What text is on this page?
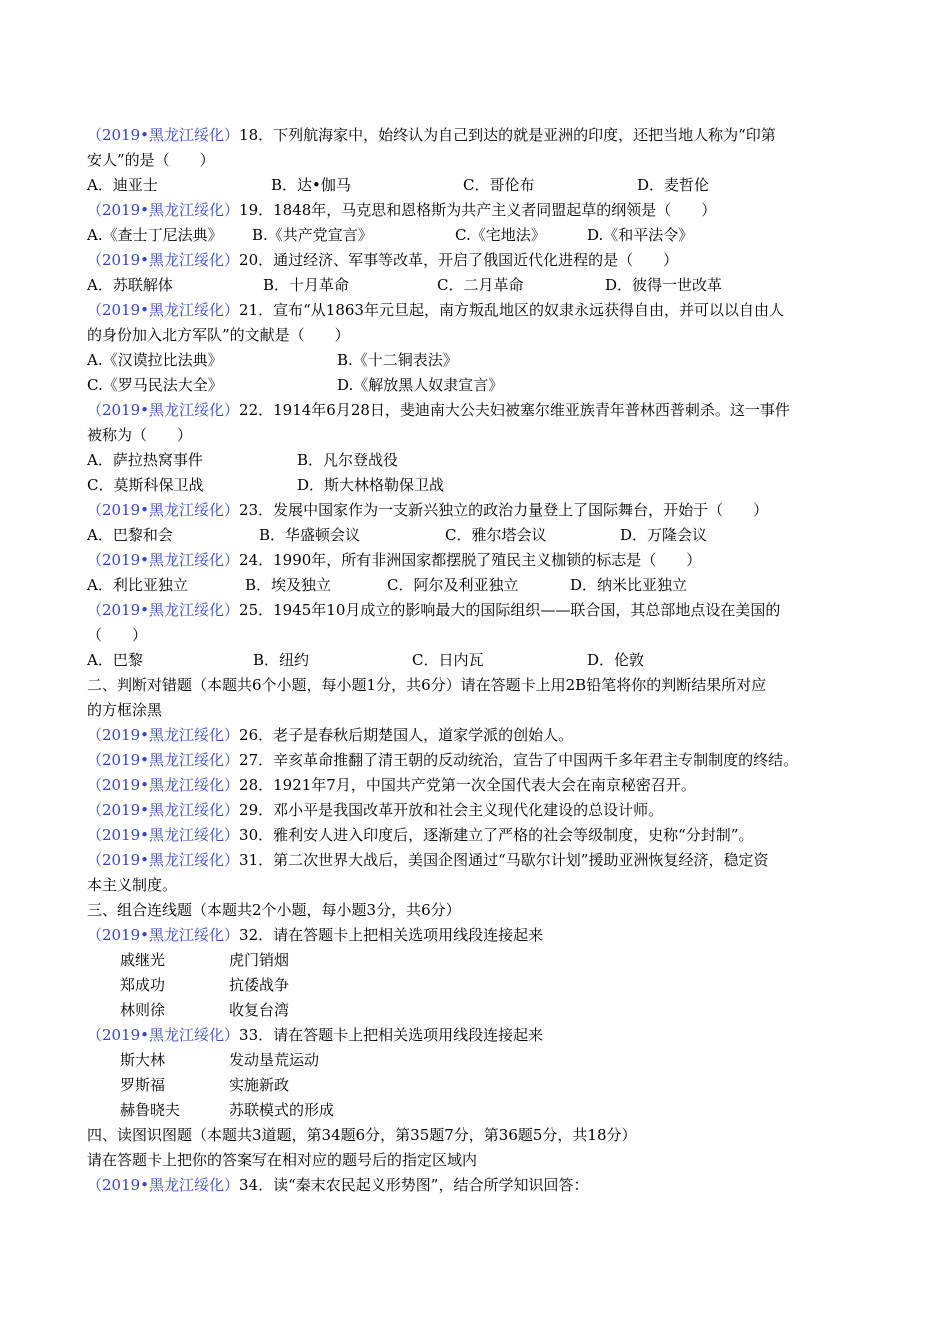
（2019•黑龙江绥化）18．下列航海家中，始终认为自己到达的就是亚洲的印度，还把当地人称为“印第
安人”的是（　　）
A．迪亚士	B．达•伽马	C．哥伦布	D．麦哲伦
（2019•黑龙江绥化）19．1848年，马克思和恩格斯为共产主义者同盟起草的纲领是（　　）
A.《查士丁尼法典》 B.《共产党宣言》	C.《宅地法》	D.《和平法令》
（2019•黑龙江绥化）20．通过经济、军事等改革，开启了俄国近代化进程的是（　　）
A．苏联解体	B．十月革命	C．二月革命	D．彼得一世改革
（2019•黑龙江绥化）21．宣布“从1863年元旦起，南方叛乱地区的奴隶永远获得自由，并可以以自由人
的身份加入北方军队”的文献是（　　）
A.《汉谟拉比法典》	B.《十二铜表法》
C.《罗马民法大全》	D.《解放黑人奴隶宣言》
（2019•黑龙江绥化）22．1914年6月28日，斐迪南大公夫妇被塞尔维亚族青年普林西普刺杀。这一事件
被称为（　　）
A．萨拉热窝事件	B．凡尔登战役
C．莫斯科保卫战	D．斯大林格勒保卫战
（2019•黑龙江绥化）23．发展中国家作为一支新兴独立的政治力量登上了国际舞台，开始于（　　）
A．巴黎和会	B．华盛顿会议	C．雅尔塔会议	D．万隆会议
（2019•黑龙江绥化）24．1990年，所有非洲国家都摆脱了殖民主义枷锁的标志是（　　）
A．利比亚独立	B．埃及独立	C．阿尔及利亚独立	D．纳米比亚独立
（2019•黑龙江绥化）25．1945年10月成立的影响最大的国际组织——联合国，其总部地点设在美国的
（　　）
A．巴黎	B．纽约	C．日内瓦	D．伦敦
二、判断对错题（本题共6个小题，每小题1分，共6分）请在答题卡上用2B铅笔将你的判断结果所对应
的方框涂黑
（2019•黑龙江绥化）26．老子是春秋后期楚国人，道家学派的创始人。
（2019•黑龙江绥化）27．辛亥革命推翻了清王朝的反动统治，宣告了中国两千多年君主专制制度的终结。
（2019•黑龙江绥化）28．1921年7月，中国共产党第一次全国代表大会在南京秘密召开。
（2019•黑龙江绥化）29．邓小平是我国改革开放和社会主义现代化建设的总设计师。
（2019•黑龙江绥化）30．雅利安人进入印度后，逐渐建立了严格的社会等级制度，史称“分封制”。
（2019•黑龙江绥化）31．第二次世界大战后，美国企图通过“马歇尔计划”援助亚洲恢复经济，稳定资
本主义制度。
三、组合连线题（本题共2个小题，每小题3分，共6分）
（2019•黑龙江绥化）32．请在答题卡上把相关选项用线段连接起来
戚继光	虎门销烟
郑成功	抗倭战争
林则徐	收复台湾
（2019•黑龙江绥化）33．请在答题卡上把相关选项用线段连接起来
斯大林	发动垦荒运动
罗斯福	实施新政
赫鲁晓夫	苏联模式的形成
四、读图识图题（本题共3道题，第34题6分，第35题7分，第36题5分，共18分）
请在答题卡上把你的答案写在相对应的题号后的指定区域内
（2019•黑龙江绥化）34．读“秦末农民起义形势图”，结合所学知识回答：
